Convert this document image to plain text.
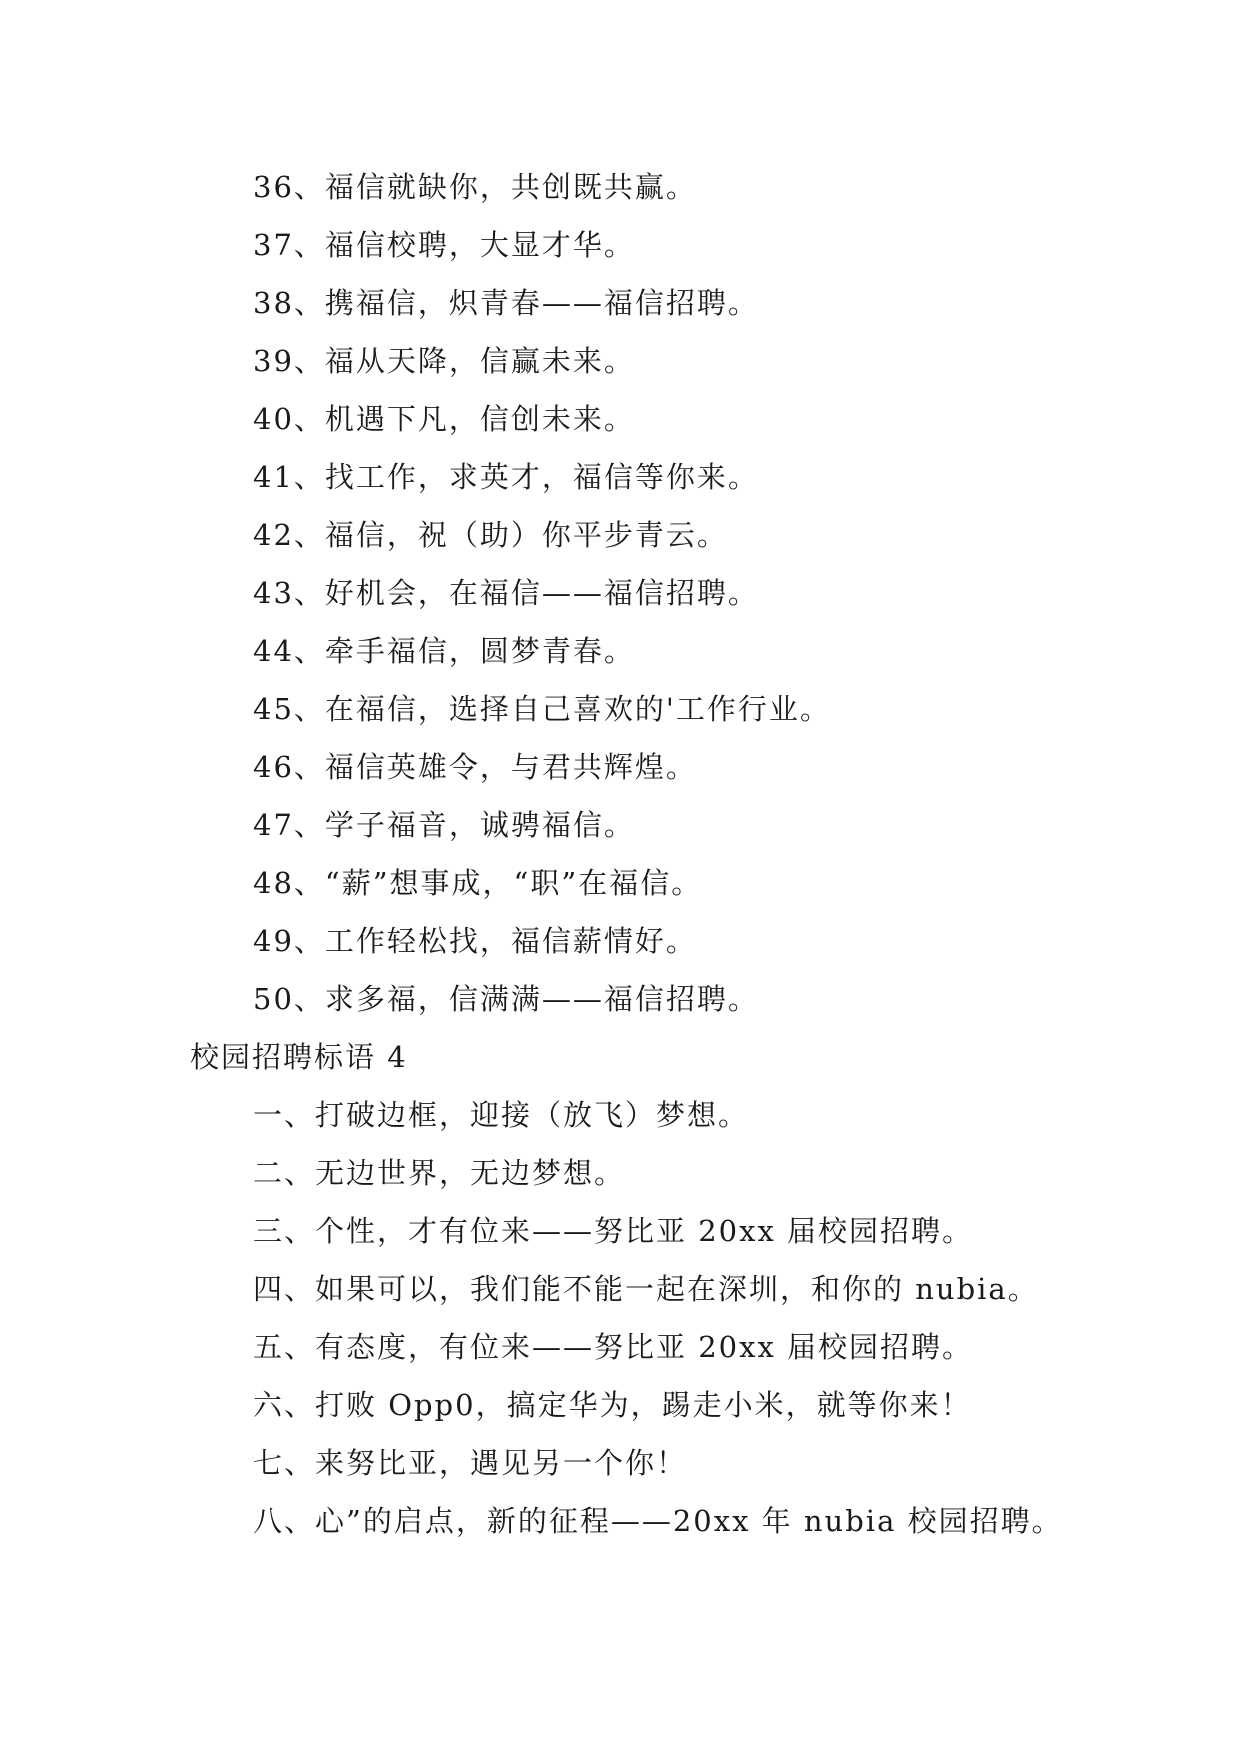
36、福信就缺你，共创既共赢。
37、福信校聘，大显才华。
38、携福信，炽青春——福信招聘。
39、福从天降，信赢未来。
40、机遇下凡，信创未来。
41、找工作，求英才，福信等你来。
42、福信，祝（助）你平步青云。
43、好机会，在福信——福信招聘。
44、牵手福信，圆梦青春。
45、在福信，选择自己喜欢的'工作行业。
46、福信英雄令，与君共辉煌。
47、学子福音，诚骋福信。
48、“薪”想事成，“职”在福信。
49、工作轻松找，福信薪情好。
50、求多福，信满满——福信招聘。
校园招聘标语 4
一、打破边框，迎接（放飞）梦想。
二、无边世界，无边梦想。
三、个性，才有位来——努比亚 20xx 届校园招聘。
四、如果可以，我们能不能一起在深圳，和你的 nubia。
五、有态度，有位来——努比亚 20xx 届校园招聘。
六、打败 Opp0，搞定华为，踢走小米，就等你来！
七、来努比亚，遇见另一个你！
八、心”的启点，新的征程——20xx 年 nubia 校园招聘。
